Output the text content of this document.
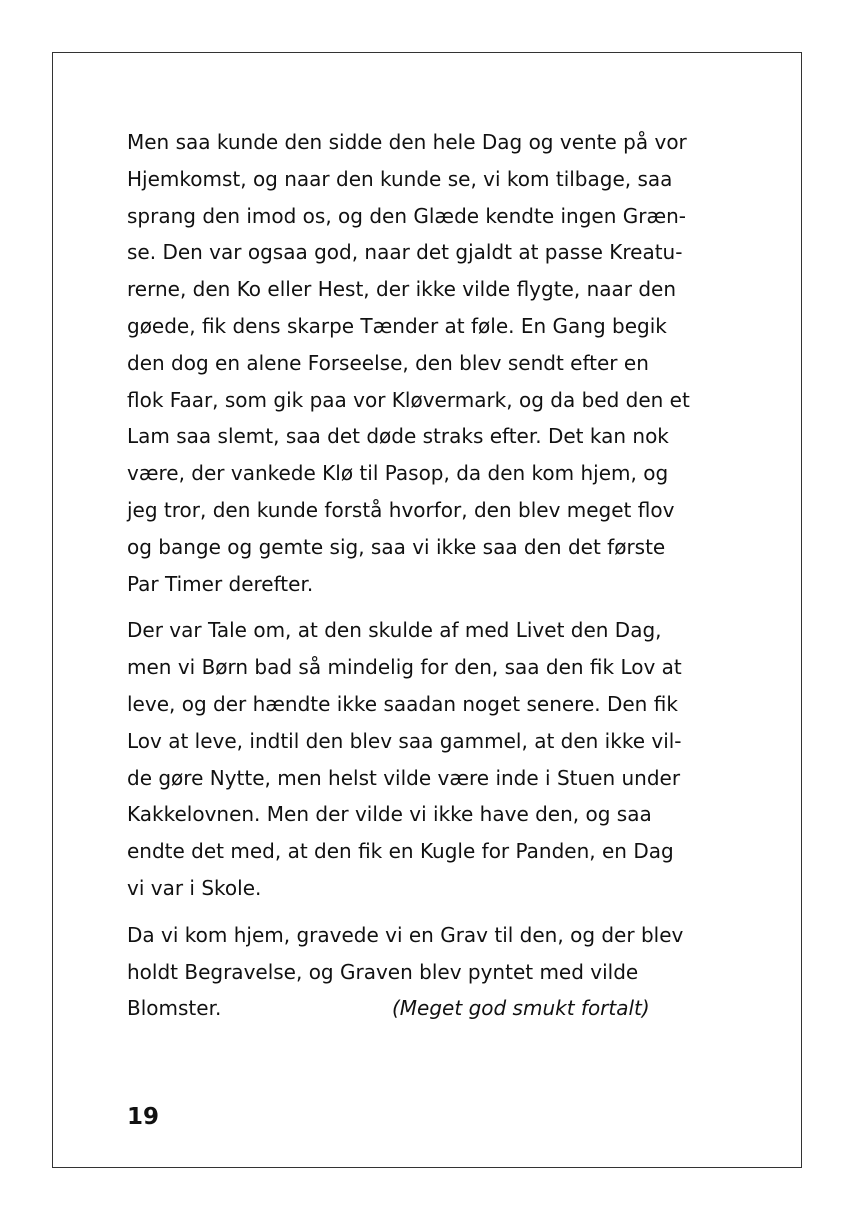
Men saa kunde den sidde den hele Dag og vente på vor
Hjemkomst, og naar den kunde se, vi kom tilbage, saa
sprang den imod os, og den Glæde kendte ingen Græn-
se. Den var ogsaa god, naar det gjaldt at passe Kreatu-
rerne, den Ko eller Hest, der ikke vilde flygte, naar den
gøede, fik dens skarpe Tænder at føle. En Gang begik
den dog en alene Forseelse, den blev sendt efter en
flok Faar, som gik paa vor Kløvermark, og da bed den et
Lam saa slemt, saa det døde straks efter. Det kan nok
være, der vankede Klø til Pasop, da den kom hjem, og
jeg tror, den kunde forstå hvorfor, den blev meget flov
og bange og gemte sig, saa vi ikke saa den det første
Par Timer derefter.
Der var Tale om, at den skulde af med Livet den Dag,
men vi Børn bad så mindelig for den, saa den fik Lov at
leve, og der hændte ikke saadan noget senere. Den fik
Lov at leve, indtil den blev saa gammel, at den ikke vil-
de gøre Nytte, men helst vilde være inde i Stuen under
Kakkelovnen. Men der vilde vi ikke have den, og saa
endte det med, at den fik en Kugle for Panden, en Dag
vi var i Skole.
Da vi kom hjem, gravede vi en Grav til den, og der blev
holdt Begravelse, og Graven blev pyntet med vilde
Blomster.	(Meget god smukt fortalt)
19
